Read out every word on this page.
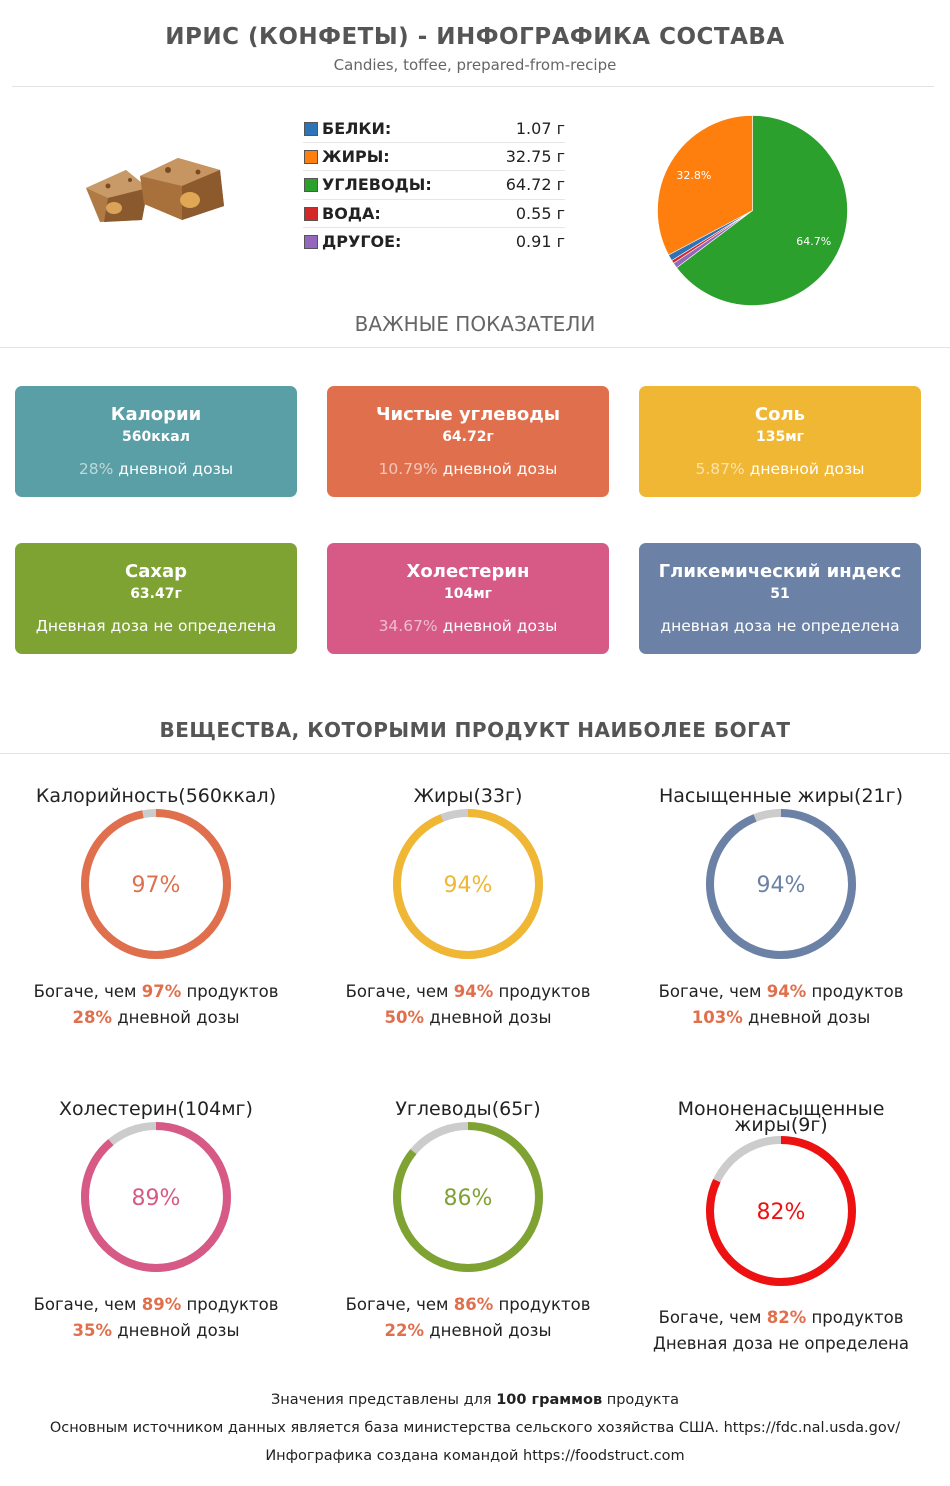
ИРИС (КОНФЕТЫ) - ИНФОГРАФИКА СОСТАВА
Candies, toffee, prepared-from-recipe
БЕЛКИ:	1.07 г
ЖИРЫ:	32.75 г
УГЛЕВОДЫ:	64.72 г
ВОДА:	0.55 г
ДРУГОЕ:	0.91 г
32.8%
64.7%
ВАЖНЫЕ ПОКАЗАТЕЛИ
Калории
560ккал
28% дневной дозы
Чистые углеводы
64.72г
10.79% дневной дозы
Соль
135мг
5.87% дневной дозы
Сахар
63.47г
Дневная доза не определена
Холестерин
104мг
34.67% дневной дозы
Гликемический индекс
51
дневная доза не определена
ВЕЩЕСТВА, КОТОРЫМИ ПРОДУКТ НАИБОЛЕЕ БОГАТ
Калорийность(560ккал)
97%
Богаче, чем 97% продуктов
28% дневной дозы
Жиры(33г)
94%
Богаче, чем 94% продуктов
50% дневной дозы
Насыщенные жиры(21г)
94%
Богаче, чем 94% продуктов
103% дневной дозы
Холестерин(104мг)
89%
Богаче, чем 89% продуктов
35% дневной дозы
Углеводы(65г)
86%
Богаче, чем 86% продуктов
22% дневной дозы
Мононенасыщенные жиры(9г)
82%
Богаче, чем 82% продуктов
Дневная доза не определена
Значения представлены для 100 граммов продукта
Основным источником данных является база министерства сельского хозяйства США. https://fdc.nal.usda.gov/
Инфографика создана командой https://foodstruct.com
